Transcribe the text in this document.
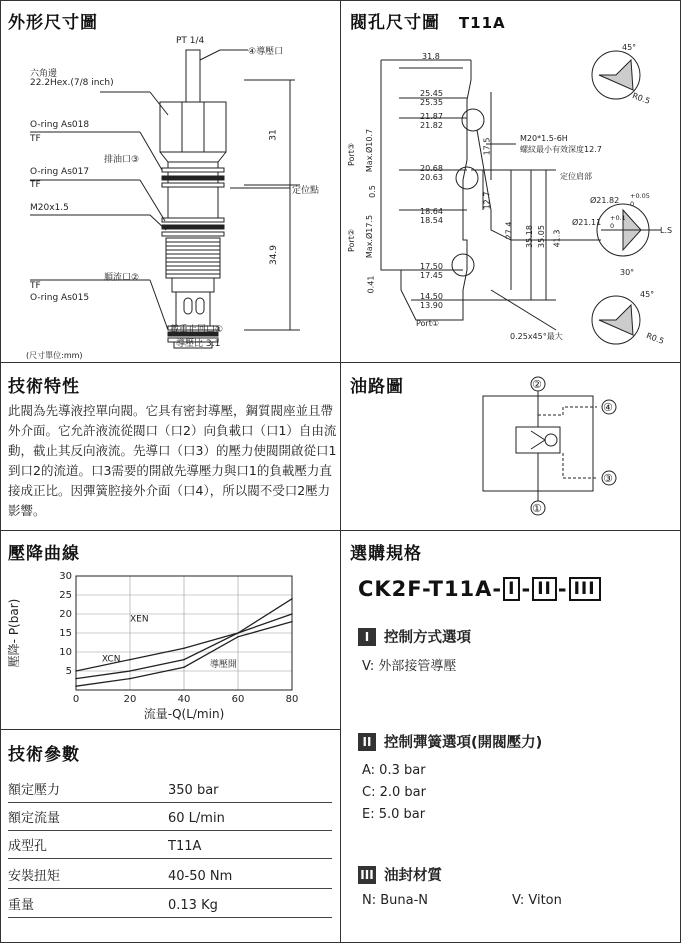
外形尺寸圖	閥孔尺寸圖 T11A
技術特性	油路圖
壓降曲線	選購規格
技術參數
PT 1/4
④導壓口
六角邊
22.2Hex.(7/8 inch)
O-ring As018
TF
排油口③
O-ring As017
TF
M20x1.5
定位點
31
34.9
順流口②
TF
O-ring As015
載重止回口①
導壓比 3:1
(尺寸單位:mm)
31.8
25.45
25.35
21.87
21.82
20.68
20.63
18.64
18.54
17.50
17.45
14.50
13.90
17.5
12.7
27.4 35.18 35.05 41.3
Port③ Max.Ø10.7
0.5
Port② Max.Ø17.5
0.41
Port①
M20*1.5-6H
螺紋最小有效深度12.7
定位肩部
0.25x45°最大
Ø21.82 +0.05
0
Ø21.11 +0.1
0	L.S
45°
R0.5
30°
45°
R0.5
此閥為先導液控單向閥。它具有密封導壓，鋼質閥座並且帶外介面。它允許液流從閥口（口2）向負載口（口1）自由流動，截止其反向液流。先導口（口3）的壓力使閥開啟從口1到口2的流道。口3需要的開啟先導壓力與口1的負載壓力直接成正比。因彈簧腔接外介面（口4），所以閥不受口2壓力影響。
②
①
④
③
0	20	40	60	80
5
10
15
20
25
30
流量-Q(L/min)
壓降- P(bar)	XEN
XCN
導壓開
CK2F-T11A- I - II - III
I	控制方式選項
V: 外部接管導壓
II 控制彈簧選項(開閥壓力)
A: 0.3 bar
C: 2.0 bar
E: 5.0 bar
III 油封材質
N: Buna-N	V: Viton
額定壓力	350 bar
額定流量	60 L/min
成型孔	T11A
安裝扭矩	40-50 Nm
重量	0.13 Kg
